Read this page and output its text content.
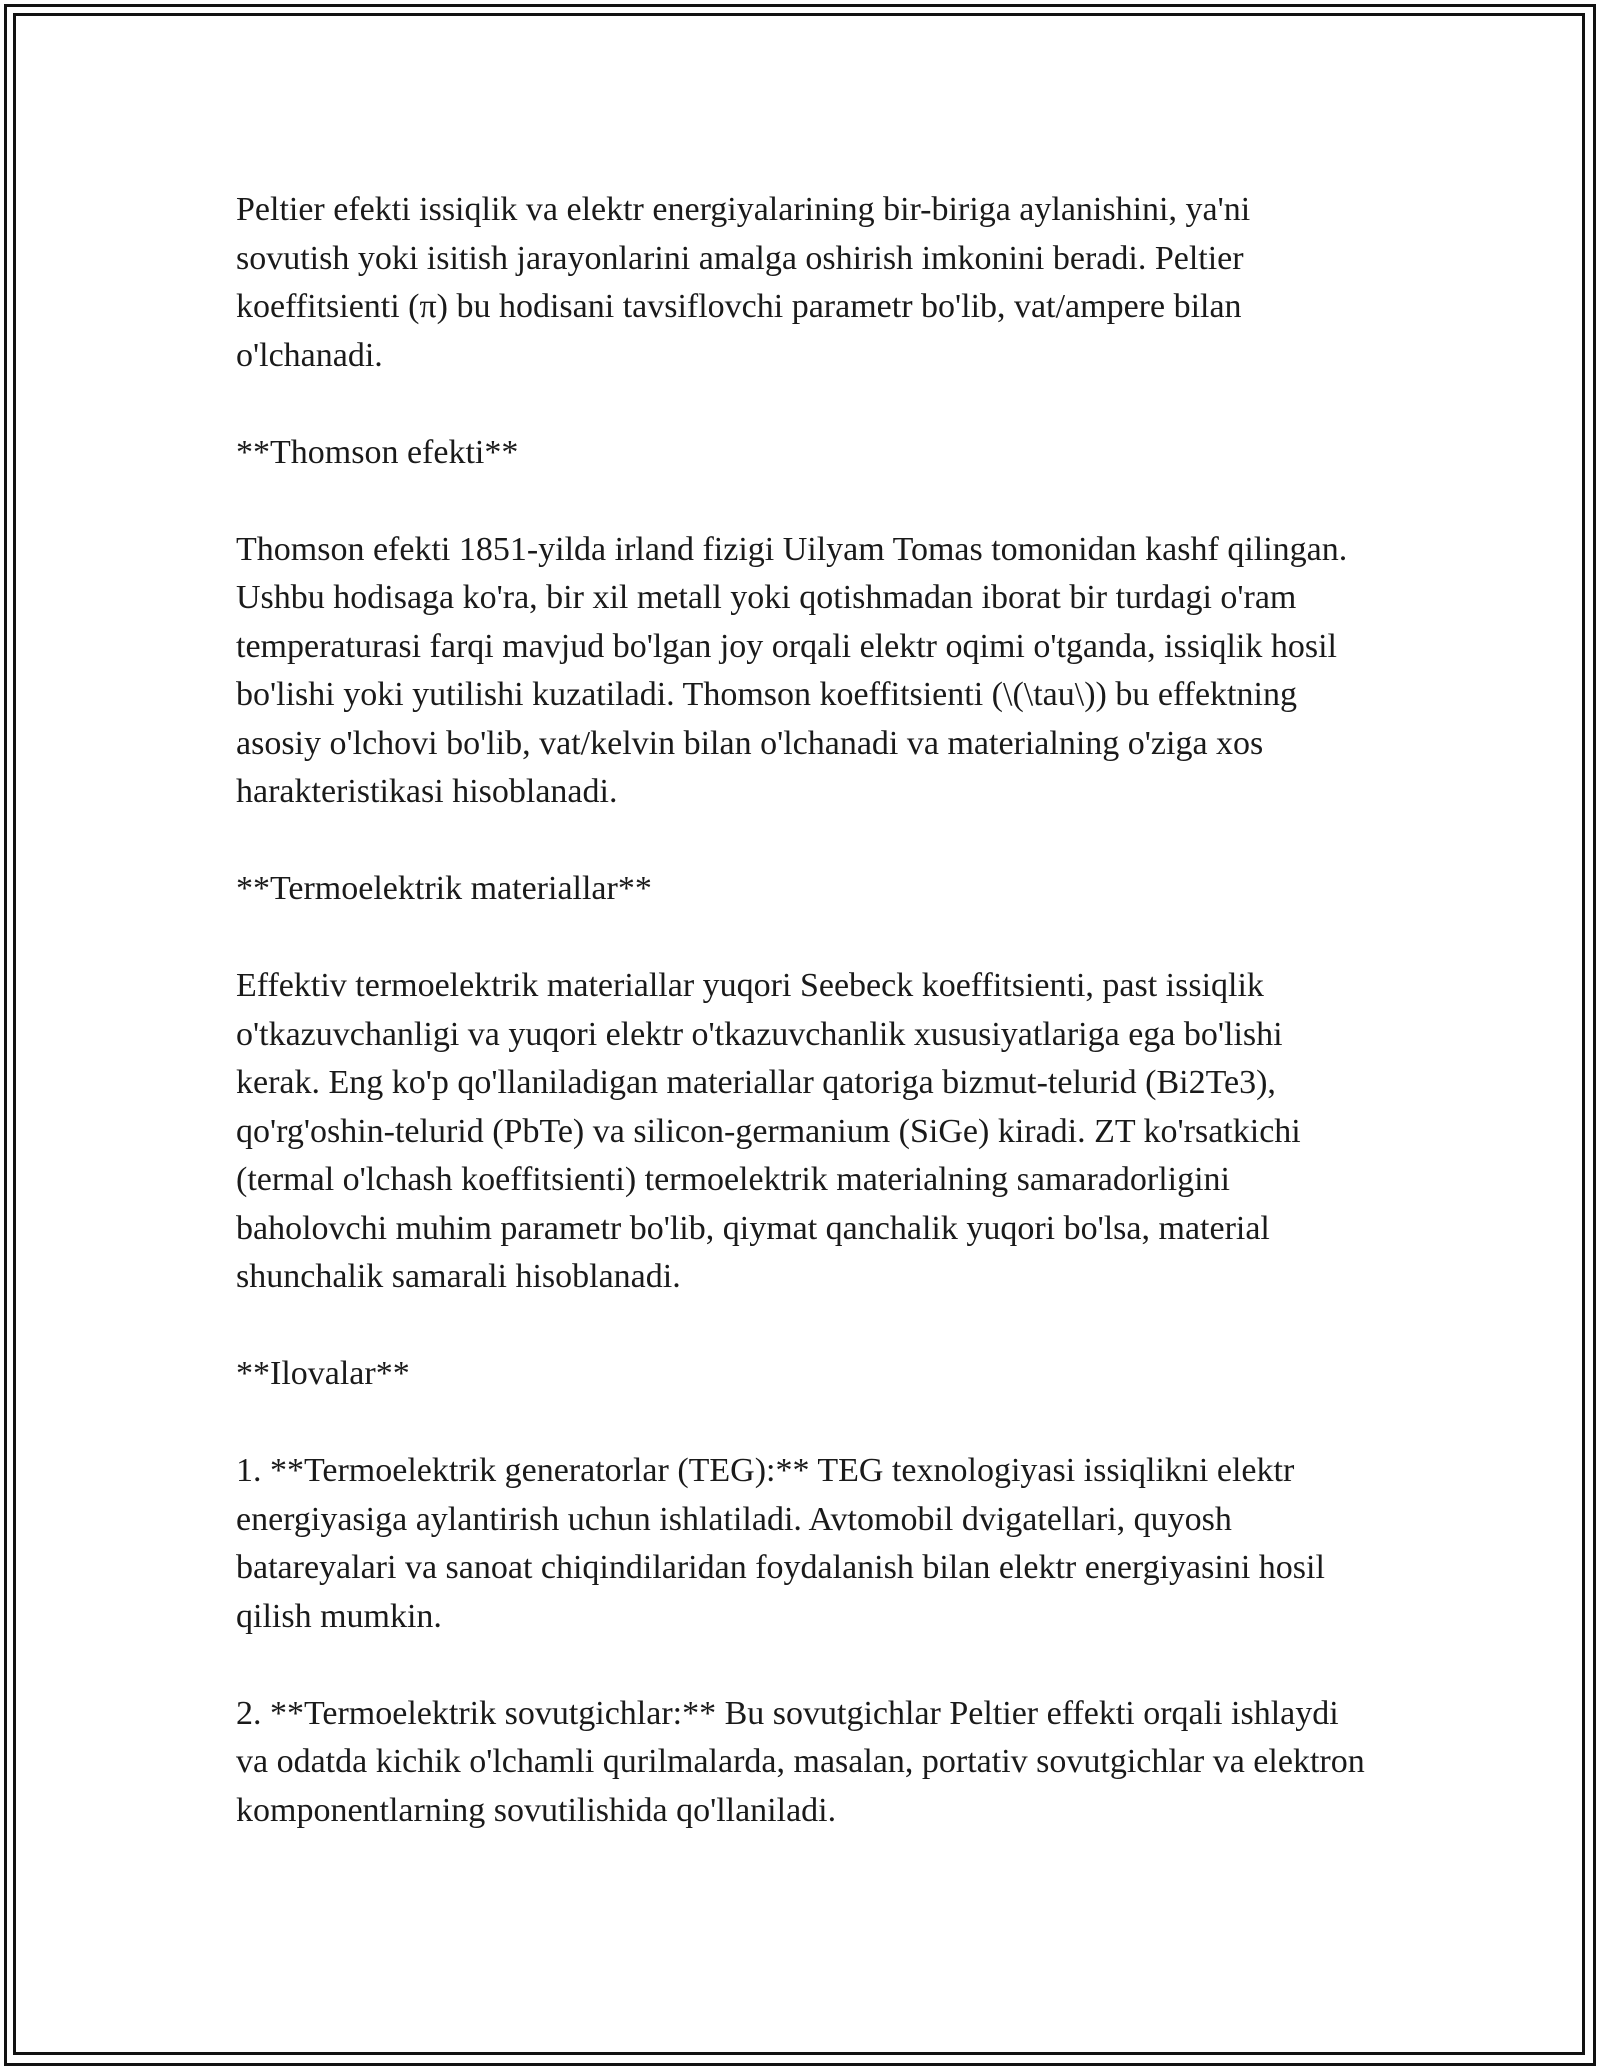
Peltier efekti issiqlik va elektr energiyalarining bir-biriga aylanishini, ya'ni sovutish yoki isitish jarayonlarini amalga oshirish imkonini beradi. Peltier koeffitsienti (π) bu hodisani tavsiflovchi parametr bo'lib, vat/ampere bilan o'lchanadi.

**Thomson efekti**

Thomson efekti 1851-yilda irland fizigi Uilyam Tomas tomonidan kashf qilingan. Ushbu hodisaga ko'ra, bir xil metall yoki qotishmadan iborat bir turdagi o'ram temperaturasi farqi mavjud bo'lgan joy orqali elektr oqimi o'tganda, issiqlik hosil bo'lishi yoki yutilishi kuzatiladi. Thomson koeffitsienti (\(\tau\)) bu effektning asosiy o'lchovi bo'lib, vat/kelvin bilan o'lchanadi va materialning o'ziga xos harakteristikasi hisoblanadi.

**Termoelektrik materiallar**

Effektiv termoelektrik materiallar yuqori Seebeck koeffitsienti, past issiqlik o'tkazuvchanligi va yuqori elektr o'tkazuvchanlik xususiyatlariga ega bo'lishi kerak. Eng ko'p qo'llaniladigan materiallar qatoriga bizmut-telurid (Bi2Te3), qo'rg'oshin-telurid (PbTe) va silicon-germanium (SiGe) kiradi. ZT ko'rsatkichi (termal o'lchash koeffitsienti) termoelektrik materialning samaradorligini baholovchi muhim parametr bo'lib, qiymat qanchalik yuqori bo'lsa, material shunchalik samarali hisoblanadi.

**Ilovalar**

1. **Termoelektrik generatorlar (TEG):** TEG texnologiyasi issiqlikni elektr energiyasiga aylantirish uchun ishlatiladi. Avtomobil dvigatellari, quyosh batareyalari va sanoat chiqindilaridan foydalanish bilan elektr energiyasini hosil qilish mumkin.

2. **Termoelektrik sovutgichlar:** Bu sovutgichlar Peltier effekti orqali ishlaydi va odatda kichik o'lchamli qurilmalarda, masalan, portativ sovutgichlar va elektron komponentlarning sovutilishida qo'llaniladi.
